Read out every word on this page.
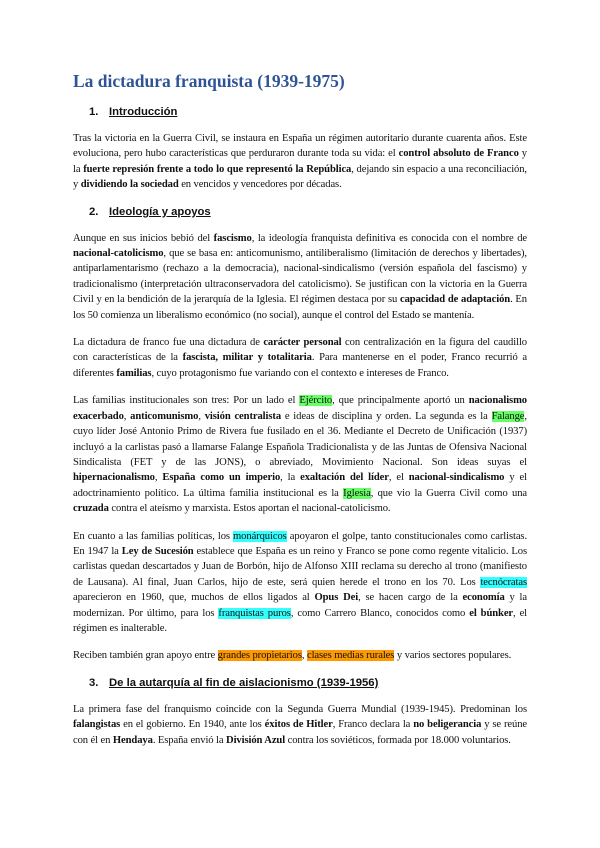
La dictadura franquista (1939-1975)
1. Introducción

Tras la victoria en la Guerra Civil, se instaura en España un régimen autoritario durante cuarenta años. Este evoluciona, pero hubo características que perduraron durante toda su vida: el control absoluto de Franco y la fuerte represión frente a todo lo que representó la República, dejando sin espacio a una reconciliación, y dividiendo la sociedad en vencidos y vencedores por décadas.

2. Ideología y apoyos

Aunque en sus inicios bebió del fascismo, la ideología franquista definitiva es conocida con el nombre de nacional-catolicismo, que se basa en: anticomunismo, antiliberalismo (limitación de derechos y libertades), antiparlamentarismo (rechazo a la democracia), nacional-sindicalismo (versión española del fascismo) y tradicionalismo (interpretación ultraconservadora del catolicismo). Se justifican con la victoria en la Guerra Civil y en la bendición de la jerarquía de la Iglesia. El régimen destaca por su capacidad de adaptación. En los 50 comienza un liberalismo económico (no social), aunque el control del Estado se mantenía.

La dictadura de franco fue una dictadura de carácter personal con centralización en la figura del caudillo con características de la fascista, militar y totalitaria. Para mantenerse en el poder, Franco recurrió a diferentes familias, cuyo protagonismo fue variando con el contexto e intereses de Franco.

Las familias institucionales son tres: Por un lado el Ejército, que principalmente aportó un nacionalismo exacerbado, anticomunismo, visión centralista e ideas de disciplina y orden. La segunda es la Falange, cuyo líder José Antonio Primo de Rivera fue fusilado en el 36. Mediante el Decreto de Unificación (1937) incluyó a la carlistas pasó a llamarse Falange Española Tradicionalista y de las Juntas de Ofensiva Nacional Sindicalista (FET y de las JONS), o abreviado, Movimiento Nacional. Son ideas suyas el hipernacionalismo, España como un imperio, la exaltación del líder, el nacional-sindicalismo y el adoctrinamiento político. La última familia institucional es la Iglesia, que vio la Guerra Civil como una cruzada contra el ateísmo y marxista. Estos aportan el nacional-catolicismo.

En cuanto a las familias políticas, los monárquicos apoyaron el golpe, tanto constitucionales como carlistas. En 1947 la Ley de Sucesión establece que España es un reino y Franco se pone como regente vitalicio. Los carlistas quedan descartados y Juan de Borbón, hijo de Alfonso XIII reclama su derecho al trono (manifiesto de Lausana). Al final, Juan Carlos, hijo de este, será quien herede el trono en los 70. Los tecnócratas aparecieron en 1960, que, muchos de ellos ligados al Opus Dei, se hacen cargo de la economía y la modernizan. Por último, para los franquistas puros, como Carrero Blanco, conocidos como el búnker, el régimen es inalterable.

Reciben también gran apoyo entre grandes propietarios, clases medias rurales y varios sectores populares.

3. De la autarquía al fin de aislacionismo (1939-1956)

La primera fase del franquismo coincide con la Segunda Guerra Mundial (1939-1945). Predominan los falangistas en el gobierno. En 1940, ante los éxitos de Hitler, Franco declara la no beligerancia y se reúne con él en Hendaya. España envió la División Azul contra los soviéticos, formada por 18.000 voluntarios.
